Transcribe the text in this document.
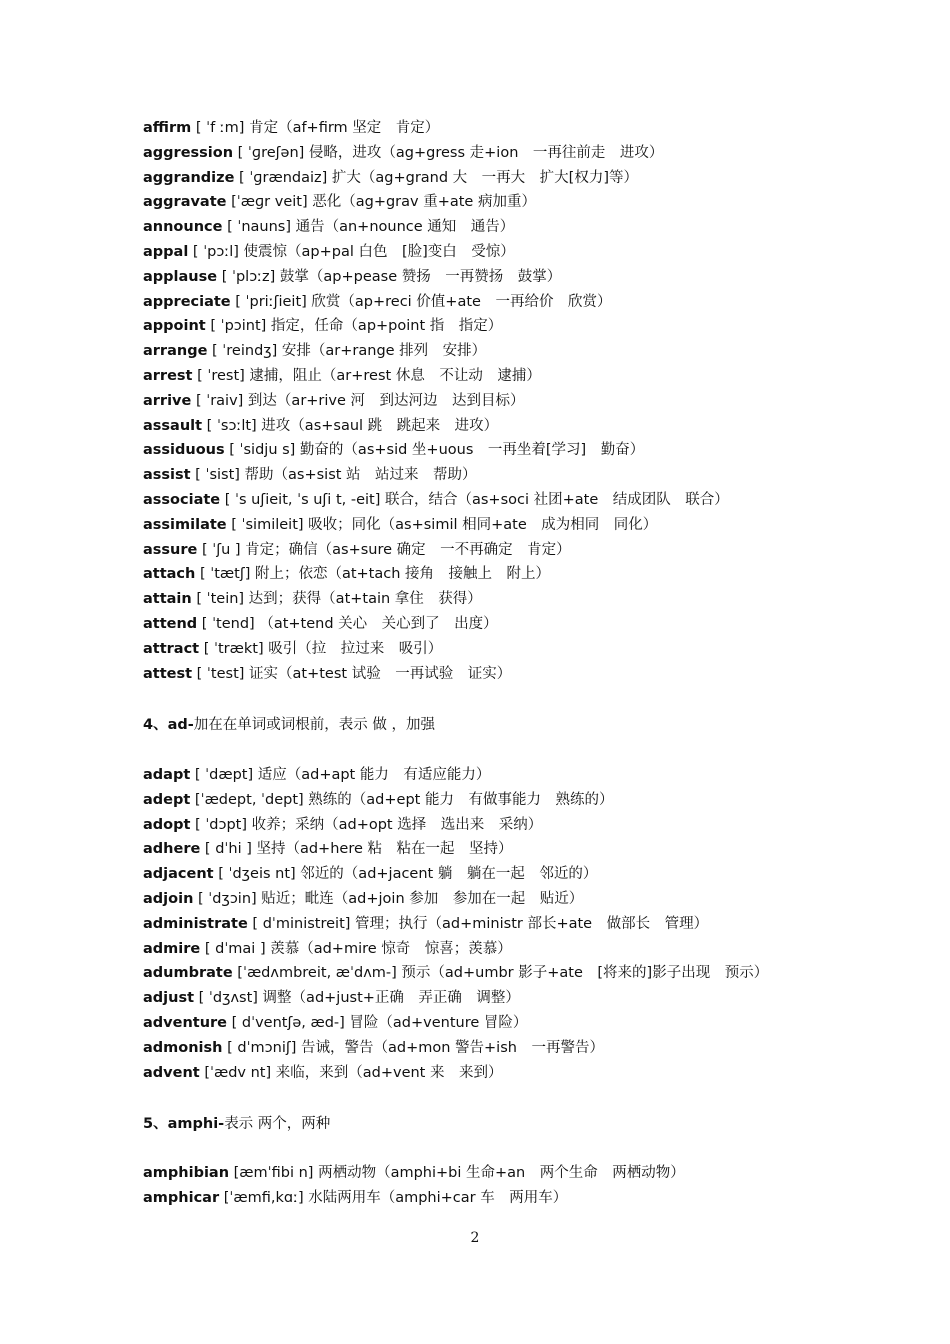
affirm [ ˈf ːm] 肯定（af+firm 坚定　肯定）
aggression [ ˈɡreʃən] 侵略，进攻（ag+gress 走+ion　一再往前走　进攻）
aggrandize [ ˈɡrændaiz] 扩大（ag+grand 大　一再大　扩大[权力]等）
aggravate [ˈæɡr veit] 恶化（ag+grav 重+ate 病加重）
announce [ ˈnauns] 通告（an+nounce 通知　通告）
appal [ ˈpɔːl] 使震惊（ap+pal 白色　[脸]变白　受惊）
applause [ ˈplɔːz] 鼓掌（ap+pease 赞扬　一再赞扬　鼓掌）
appreciate [ ˈpriːʃieit] 欣赏（ap+reci 价值+ate　一再给价　欣赏）
appoint [ ˈpɔint] 指定，任命（ap+point 指　指定）
arrange [ ˈreindʒ] 安排（ar+range 排列　安排）
arrest [ ˈrest] 逮捕，阻止（ar+rest 休息　不让动　逮捕）
arrive [ ˈraiv] 到达（ar+rive 河　到达河边　达到目标）
assault [ ˈsɔːlt] 进攻（as+saul 跳　跳起来　进攻）
assiduous [ ˈsidju s] 勤奋的（as+sid 坐+uous　一再坐着[学习]　勤奋）
assist [ ˈsist] 帮助（as+sist 站　站过来　帮助）
associate [ ˈs uʃieit, ˈs uʃi t, -eit] 联合，结合（as+soci 社团+ate　结成团队　联合）
assimilate [ ˈsimileit] 吸收；同化（as+simil 相同+ate　成为相同　同化）
assure [ ˈʃu ] 肯定；确信（as+sure 确定　一不再确定　肯定）
attach [ ˈtætʃ] 附上；依恋（at+tach 接角　接触上　附上）
attain [ ˈtein] 达到；获得（at+tain 拿住　获得）
attend [ ˈtend] （at+tend 关心　关心到了　出度）
attract [ ˈtrækt] 吸引（拉　拉过来　吸引）
attest [ ˈtest] 证实（at+test 试验　一再试验　证实）
4、ad-加在在单词或词根前，表示 做 ，加强
adapt [ ˈdæpt] 适应（ad+apt 能力　有适应能力）
adept [ˈædept, ˈdept] 熟练的（ad+ept 能力　有做事能力　熟练的）
adopt [ ˈdɔpt] 收养；采纳（ad+opt 选择　选出来　采纳）
adhere [ dˈhi ] 坚持（ad+here 粘　粘在一起　坚持）
adjacent [ ˈdʒeis nt] 邻近的（ad+jacent 躺　躺在一起　邻近的）
adjoin [ ˈdʒɔin] 贴近；毗连（ad+join 参加　参加在一起　贴近）
administrate [ dˈministreit] 管理；执行（ad+ministr 部长+ate　做部长　管理）
admire [ dˈmai ] 羡慕（ad+mire 惊奇　惊喜；羡慕）
adumbrate [ˈædʌmbreit, æˈdʌm-] 预示（ad+umbr 影子+ate　[将来的]影子出现　预示）
adjust [ ˈdʒʌst] 调整（ad+just+正确　弄正确　调整）
adventure [ dˈventʃə, æd-] 冒险（ad+venture 冒险）
admonish [ dˈmɔniʃ] 告诫，警告（ad+mon 警告+ish　一再警告）
advent [ˈædv nt] 来临，来到（ad+vent 来　来到）
5、amphi-表示 两个，两种
amphibian [æmˈfibi n] 两栖动物（amphi+bi 生命+an　两个生命　两栖动物）
amphicar [ˈæmfi,kɑː] 水陆两用车（amphi+car 车　两用车）
2
